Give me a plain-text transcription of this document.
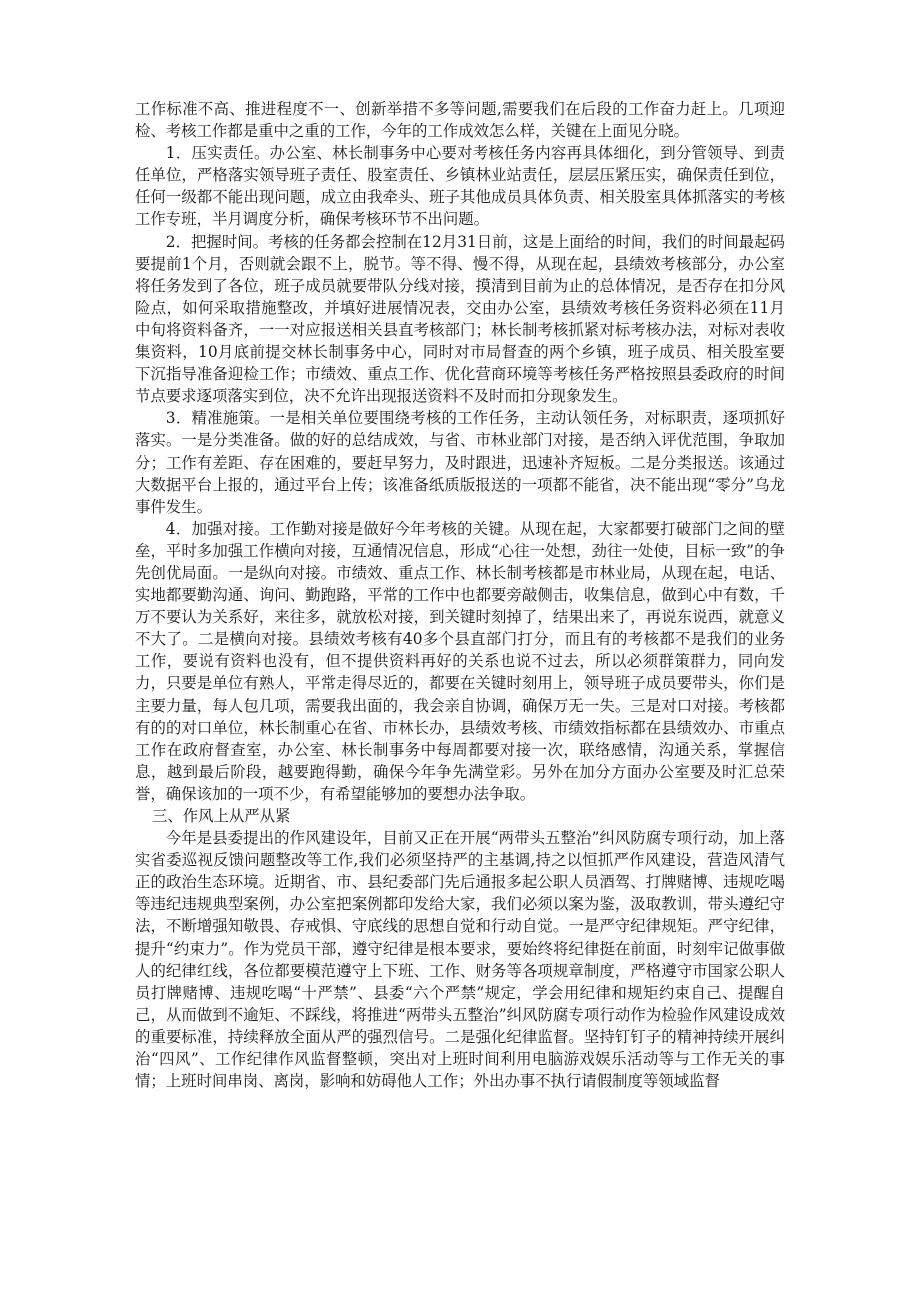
工作标准不高、推进程度不一、创新举措不多等问题,需要我们在后段的工作奋力赶上。几项迎检、考核工作都是重中之重的工作，今年的工作成效怎么样，关键在上面见分晓。

1．压实责任。办公室、林长制事务中心要对考核任务内容再具体细化，到分管领导、到责任单位，严格落实领导班子责任、股室责任、乡镇林业站责任，层层压紧压实，确保责任到位，任何一级都不能出现问题，成立由我牵头、班子其他成员具体负责、相关股室具体抓落实的考核工作专班，半月调度分析，确保考核环节不出问题。

2．把握时间。考核的任务都会控制在12月31日前，这是上面给的时间，我们的时间最起码要提前1个月，否则就会跟不上，脱节。等不得、慢不得，从现在起，县绩效考核部分，办公室将任务发到了各位，班子成员就要带队分线对接，摸清到目前为止的总体情况，是否存在扣分风险点，如何采取措施整改，并填好进展情况表，交由办公室，县绩效考核任务资料必须在11月中旬将资料备齐，一一对应报送相关县直考核部门；林长制考核抓紧对标考核办法，对标对表收集资料，10月底前提交林长制事务中心，同时对市局督查的两个乡镇，班子成员、相关股室要下沉指导准备迎检工作；市绩效、重点工作、优化营商环境等考核任务严格按照县委政府的时间节点要求逐项落实到位，决不允许出现报送资料不及时而扣分现象发生。

3．精准施策。一是相关单位要围绕考核的工作任务，主动认领任务，对标职责，逐项抓好落实。一是分类准备。做的好的总结成效，与省、市林业部门对接，是否纳入评优范围，争取加分；工作有差距、存在困难的，要赶早努力，及时跟进，迅速补齐短板。二是分类报送。该通过大数据平台上报的，通过平台上传；该准备纸质版报送的一项都不能省，决不能出现“零分”乌龙事件发生。

4．加强对接。工作勤对接是做好今年考核的关键。从现在起，大家都要打破部门之间的壁垒，平时多加强工作横向对接，互通情况信息，形成“心往一处想，劲往一处使，目标一致”的争先创优局面。一是纵向对接。市绩效、重点工作、林长制考核都是市林业局，从现在起，电话、实地都要勤沟通、询问、勤跑路，平常的工作中也都要旁敲侧击，收集信息，做到心中有数，千万不要认为关系好，来往多，就放松对接，到关键时刻掉了，结果出来了，再说东说西，就意义不大了。二是横向对接。县绩效考核有40多个县直部门打分，而且有的考核都不是我们的业务工作，要说有资料也没有，但不提供资料再好的关系也说不过去，所以必须群策群力，同向发力，只要是单位有熟人，平常走得尽近的，都要在关键时刻用上，领导班子成员要带头，你们是主要力量，每人包几项，需要我出面的，我会亲自协调，确保万无一失。三是对口对接。考核都有的的对口单位，林长制重心在省、市林长办，县绩效考核、市绩效指标都在县绩效办、市重点工作在政府督查室，办公室、林长制事务中每周都要对接一次，联络感情，沟通关系，掌握信息，越到最后阶段，越要跑得勤，确保今年争先满堂彩。另外在加分方面办公室要及时汇总荣誉，确保该加的一项不少，有希望能够加的要想办法争取。

三、作风上从严从紧

今年是县委提出的作风建设年，目前又正在开展“两带头五整治”纠风防腐专项行动，加上落实省委巡视反馈问题整改等工作,我们必须坚持严的主基调,持之以恒抓严作风建设，营造风清气正的政治生态环境。近期省、市、县纪委部门先后通报多起公职人员酒驾、打牌赌博、违规吃喝等违纪违规典型案例，办公室把案例都印发给大家，我们必须以案为鉴，汲取教训，带头遵纪守法，不断增强知敬畏、存戒惧、守底线的思想自觉和行动自觉。一是严守纪律规矩。严守纪律，提升“约束力”。作为党员干部，遵守纪律是根本要求，要始终将纪律挺在前面，时刻牢记做事做人的纪律红线，各位都要模范遵守上下班、工作、财务等各项规章制度，严格遵守市国家公职人员打牌赌博、违规吃喝“十严禁”、县委“六个严禁”规定，学会用纪律和规矩约束自己、提醒自己，从而做到不逾矩、不踩线，将推进“两带头五整治”纠风防腐专项行动作为检验作风建设成效的重要标准，持续释放全面从严的强烈信号。二是强化纪律监督。坚持钉钉子的精神持续开展纠治“四风”、工作纪律作风监督整顿，突出对上班时间利用电脑游戏娱乐活动等与工作无关的事情；上班时间串岗、离岗，影响和妨碍他人工作；外出办事不执行请假制度等领域监督
